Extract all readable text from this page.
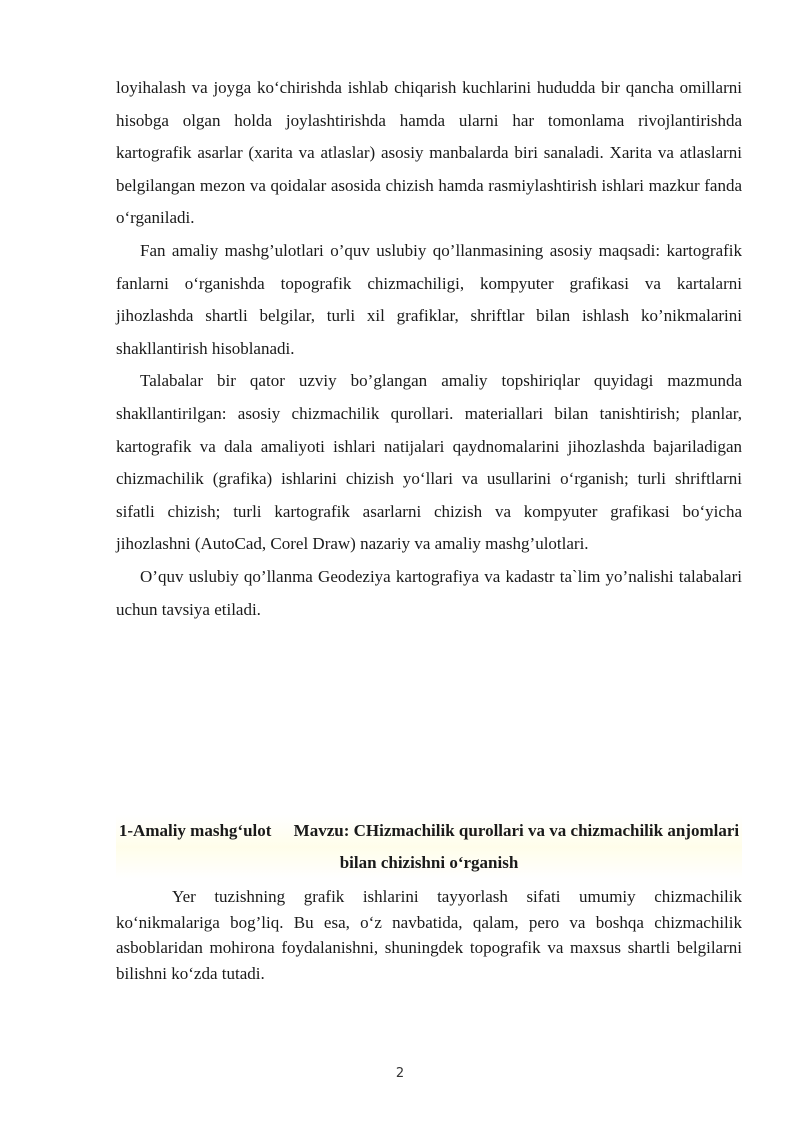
loyihalash va joyga ko‘chirishda ishlab chiqarish kuchlarini hududda bir qancha omillarni hisobga olgan holda joylashtirishda hamda ularni har tomonlama rivojlantirishda kartografik asarlar (xarita va atlaslar) asosiy manbalarda biri sanaladi. Xarita va atlaslarni belgilangan mezon va qoidalar asosida chizish hamda rasmiylashtirish ishlari mazkur fanda o‘rganiladi.

Fan amaliy mashg’ulotlari o’quv uslubiy qo’llanmasining asosiy maqsadi: kartografik fanlarni o‘rganishda topografik chizmachiligi, kompyuter grafikasi va kartalarni jihozlashda shartli belgilar, turli xil grafiklar, shriftlar bilan ishlash ko’nikmalarini shakllantirish hisoblanadi.

Talabalar bir qator uzviy bo’glangan amaliy topshiriqlar quyidagi mazmunda shakllantirilgan: asosiy chizmachilik qurollari. materiallari bilan tanishtirish; planlar, kartografik va dala amaliyoti ishlari natijalari qaydnomalarini jihozlashda bajariladigan chizmachilik (grafika) ishlarini chizish yo‘llari va usullarini o‘rganish; turli shriftlarni sifatli chizish; turli kartografik asarlarni chizish va kompyuter grafikasi bo‘yicha jihozlashni (AutoCad, Corel Draw) nazariy va amaliy mashg’ulotlari.

O’quv uslubiy qo’llanma Geodeziya kartografiya va kadastr ta`lim yo’nalishi talabalari uchun tavsiya etiladi.

1-Amaliy mashg‘ulot Mavzu: CHizmachilik qurollari va va chizmachilik anjomlari bilan chizishni o‘rganish

Yer tuzishning grafik ishlarini tayyorlash sifati umumiy chizmachilik ko‘nikmalariga bog’liq. Bu esa, o‘z navbatida, qalam, pero va boshqa chizmachilik asboblaridan mohirona foydalanishni, shuningdek topografik va maxsus shartli belgilarni bilishni ko‘zda tutadi.

2
